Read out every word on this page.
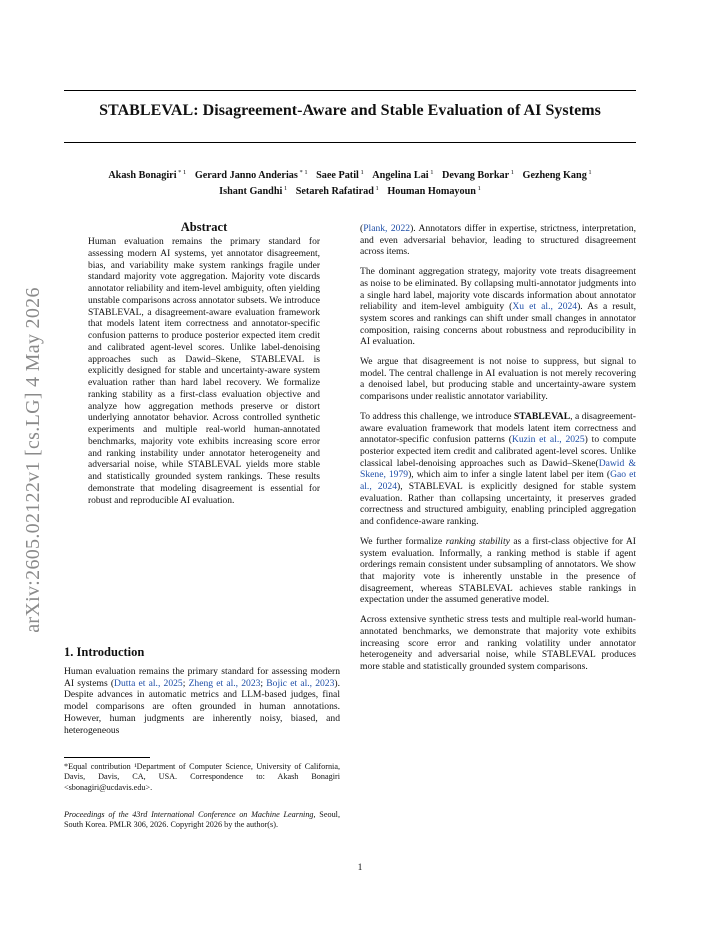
arXiv:2605.02122v1 [cs.LG] 4 May 2026
STABLEVAL: Disagreement-Aware and Stable Evaluation of AI Systems
Akash Bonagiri $^{* 1}$ Gerard Janno Anderias $^{* 1}$ Saee Patil $^1$ Angelina Lai $^1$ Devang Borkar $^1$ Gezheng Kang $^1$
Ishant Gandhi $^1$ Setareh Rafatirad $^1$ Houman Homayoun $^1$
Abstract
Human evaluation remains the primary standard for assessing modern AI systems, yet annotator disagreement, bias, and variability make system rankings fragile under standard majority vote aggregation. Majority vote discards annotator reliability and item-level ambiguity, often yielding unstable comparisons across annotator subsets. We introduce STABLEVAL, a disagreement-aware evaluation framework that models latent item correctness and annotator-specific confusion patterns to produce posterior expected item credit and calibrated agent-level scores. Unlike label-denoising approaches such as Dawid–Skene, STABLEVAL is explicitly designed for stable and uncertainty-aware system evaluation rather than hard label recovery. We formalize ranking stability as a first-class evaluation objective and analyze how aggregation methods preserve or distort underlying annotator behavior. Across controlled synthetic experiments and multiple real-world human-annotated benchmarks, majority vote exhibits increasing score error and ranking instability under annotator heterogeneity and adversarial noise, while STABLEVAL yields more stable and statistically grounded system rankings. These results demonstrate that modeling disagreement is essential for robust and reproducible AI evaluation.
1. Introduction
Human evaluation remains the primary standard for assessing modern AI systems (Dutta et al., 2025; Zheng et al., 2023; Bojic et al., 2023). Despite advances in automatic metrics and LLM-based judges, final model comparisons are often grounded in human annotations. However, human judgments are inherently noisy, biased, and heterogeneous
*Equal contribution ¹Department of Computer Science, University of California, Davis, Davis, CA, USA. Correspondence to: Akash Bonagiri <sbonagiri@ucdavis.edu>.
Proceedings of the 43rd International Conference on Machine Learning, Seoul, South Korea. PMLR 306, 2026. Copyright 2026 by the author(s).

(Plank, 2022). Annotators differ in expertise, strictness, interpretation, and even adversarial behavior, leading to structured disagreement across items.

The dominant aggregation strategy, majority vote treats disagreement as noise to be eliminated. By collapsing multi-annotator judgments into a single hard label, majority vote discards information about annotator reliability and item-level ambiguity (Xu et al., 2024). As a result, system scores and rankings can shift under small changes in annotator composition, raising concerns about robustness and reproducibility in AI evaluation.

We argue that disagreement is not noise to suppress, but signal to model. The central challenge in AI evaluation is not merely recovering a denoised label, but producing stable and uncertainty-aware system comparisons under realistic annotator variability.

To address this challenge, we introduce STABLEVAL, a disagreement-aware evaluation framework that models latent item correctness and annotator-specific confusion patterns (Kuzin et al., 2025) to compute posterior expected item credit and calibrated agent-level scores. Unlike classical label-denoising approaches such as Dawid–Skene(Dawid & Skene, 1979), which aim to infer a single latent label per item (Gao et al., 2024), STABLEVAL is explicitly designed for stable system evaluation. Rather than collapsing uncertainty, it preserves graded correctness and structured ambiguity, enabling principled aggregation and confidence-aware ranking.

We further formalize ranking stability as a first-class objective for AI system evaluation. Informally, a ranking method is stable if agent orderings remain consistent under subsampling of annotators. We show that majority vote is inherently unstable in the presence of disagreement, whereas STABLEVAL achieves stable rankings in expectation under the assumed generative model.

Across extensive synthetic stress tests and multiple real-world human-annotated benchmarks, we demonstrate that majority vote exhibits increasing score error and ranking volatility under annotator heterogeneity and adversarial noise, while STABLEVAL produces more stable and statistically grounded system comparisons.

1
